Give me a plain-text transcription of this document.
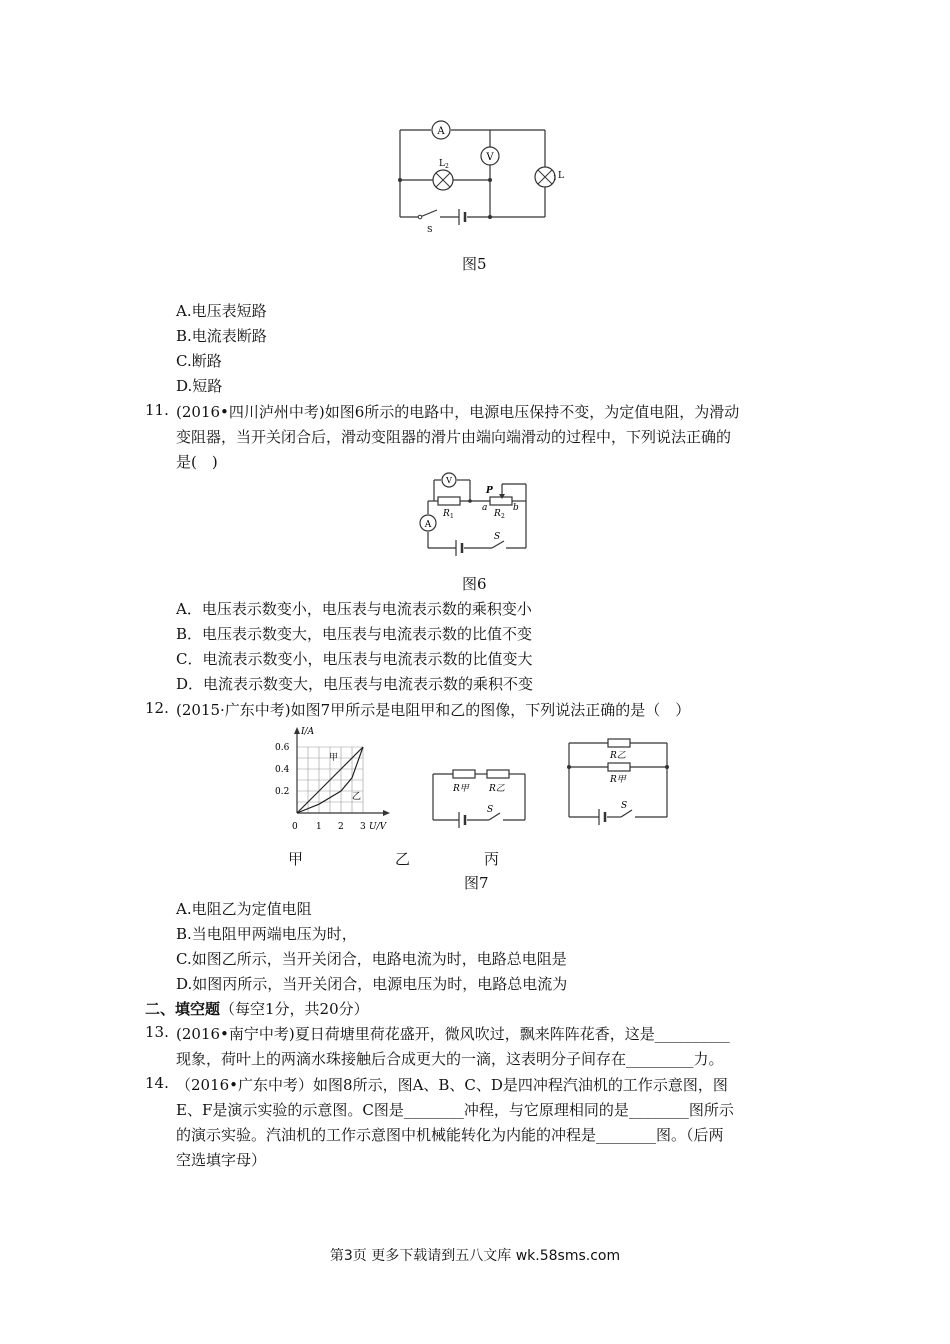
A
V
L 2
L
1
S
图5
A.电压表短路
B.电流表断路
C.断路
D.短路
11. (2016•四川泸州中考)如图6所示的电路中，电源电压保持不变，为定值电阻，为滑动
变阻器，当开关闭合后，滑动变阻器的滑片由端向端滑动的过程中，下列说法正确的
是(　)
V
A
P
R 1	R 2
a	b
S
图6
A．电压表示数变小，电压表与电流表示数的乘积变小
B．电压表示数变大，电压表与电流表示数的比值不变
C．电流表示数变小，电压表与电流表示数的比值变大
D．电流表示数变大，电压表与电流表示数的乘积不变
12. (2015·广东中考)如图7甲所示是电阻甲和乙的图像，下列说法正确的是（　）
1 2 3
0.2
0.4
0.6
I/A
U/V
0
甲
乙
R甲 R乙
S
R乙
R甲
S
甲	乙	丙
图7
A.电阻乙为定值电阻
B.当电阻甲两端电压为时，
C.如图乙所示，当开关闭合，电路电流为时，电路总电阻是
D.如图丙所示，当开关闭合，电源电压为时，电路总电流为
二、填空题（每空1分，共20分）
13. (2016•南宁中考)夏日荷塘里荷花盛开，微风吹过，飘来阵阵花香，这是__________
现象，荷叶上的两滴水珠接触后合成更大的一滴，这表明分子间存在_________力。
14. （2016•广东中考）如图8所示，图A、B、C、D是四冲程汽油机的工作示意图，图
E、F是演示实验的示意图。C图是________冲程，与它原理相同的是________图所示
的演示实验。汽油机的工作示意图中机械能转化为内能的冲程是________图。（后两
空选填字母）
第3页 更多下载请到五八文库 wk.58sms.com
